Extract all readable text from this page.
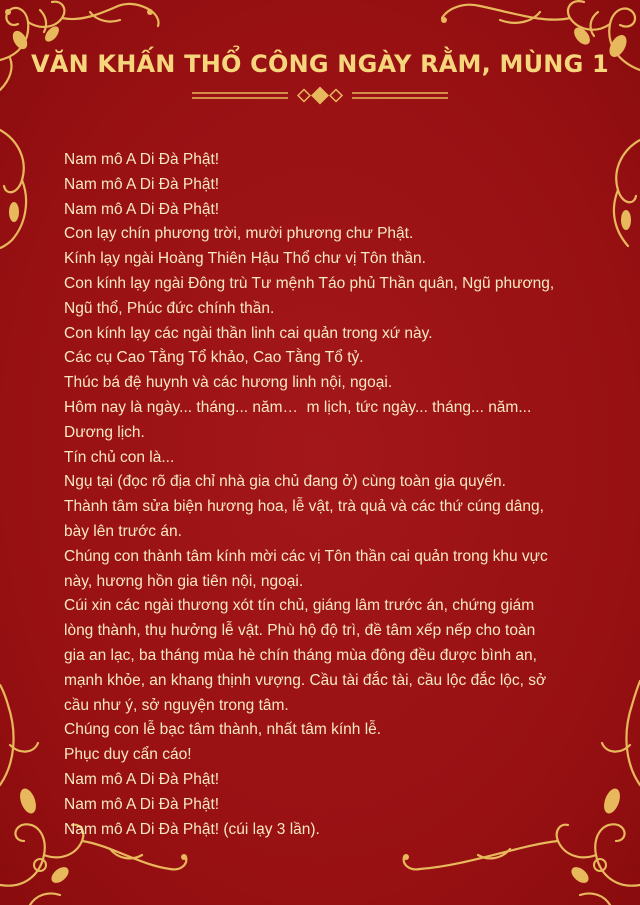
VĂN KHẤN THỔ CÔNG NGÀY RẰM, MÙNG 1
Nam mô A Di Đà Phật!
Nam mô A Di Đà Phật!
Nam mô A Di Đà Phật!
Con lạy chín phương trời, mười phương chư Phật.
Kính lạy ngài Hoàng Thiên Hậu Thổ chư vị Tôn thần.
Con kính lạy ngài Đông trù Tư mệnh Táo phủ Thần quân, Ngũ phương,
Ngũ thổ, Phúc đức chính thần.
Con kính lạy các ngài thần linh cai quản trong xứ này.
Các cụ Cao Tằng Tổ khảo, Cao Tằng Tổ tỷ.
Thúc bá đệ huynh và các hương linh nội, ngoại.
Hôm nay là ngày... tháng... năm…  m lịch, tức ngày... tháng... năm...
Dương lịch.
Tín chủ con là...
Ngụ tại (đọc rõ địa chỉ nhà gia chủ đang ở) cùng toàn gia quyến.
Thành tâm sửa biện hương hoa, lễ vật, trà quả và các thứ cúng dâng,
bày lên trước án.
Chúng con thành tâm kính mời các vị Tôn thần cai quản trong khu vực
này, hương hồn gia tiên nội, ngoại.
Cúi xin các ngài thương xót tín chủ, giáng lâm trước án, chứng giám
lòng thành, thụ hưởng lễ vật. Phù hộ độ trì, đề tâm xếp nếp cho toàn
gia an lạc, ba tháng mùa hè chín tháng mùa đông đều được bình an,
mạnh khỏe, an khang thịnh vượng. Cầu tài đắc tài, cầu lộc đắc lộc, sở
cầu như ý, sở nguyện trong tâm.
Chúng con lễ bạc tâm thành, nhất tâm kính lễ.
Phục duy cẩn cáo!
Nam mô A Di Đà Phật!
Nam mô A Di Đà Phật!
Nam mô A Di Đà Phật! (cúi lạy 3 lần).
